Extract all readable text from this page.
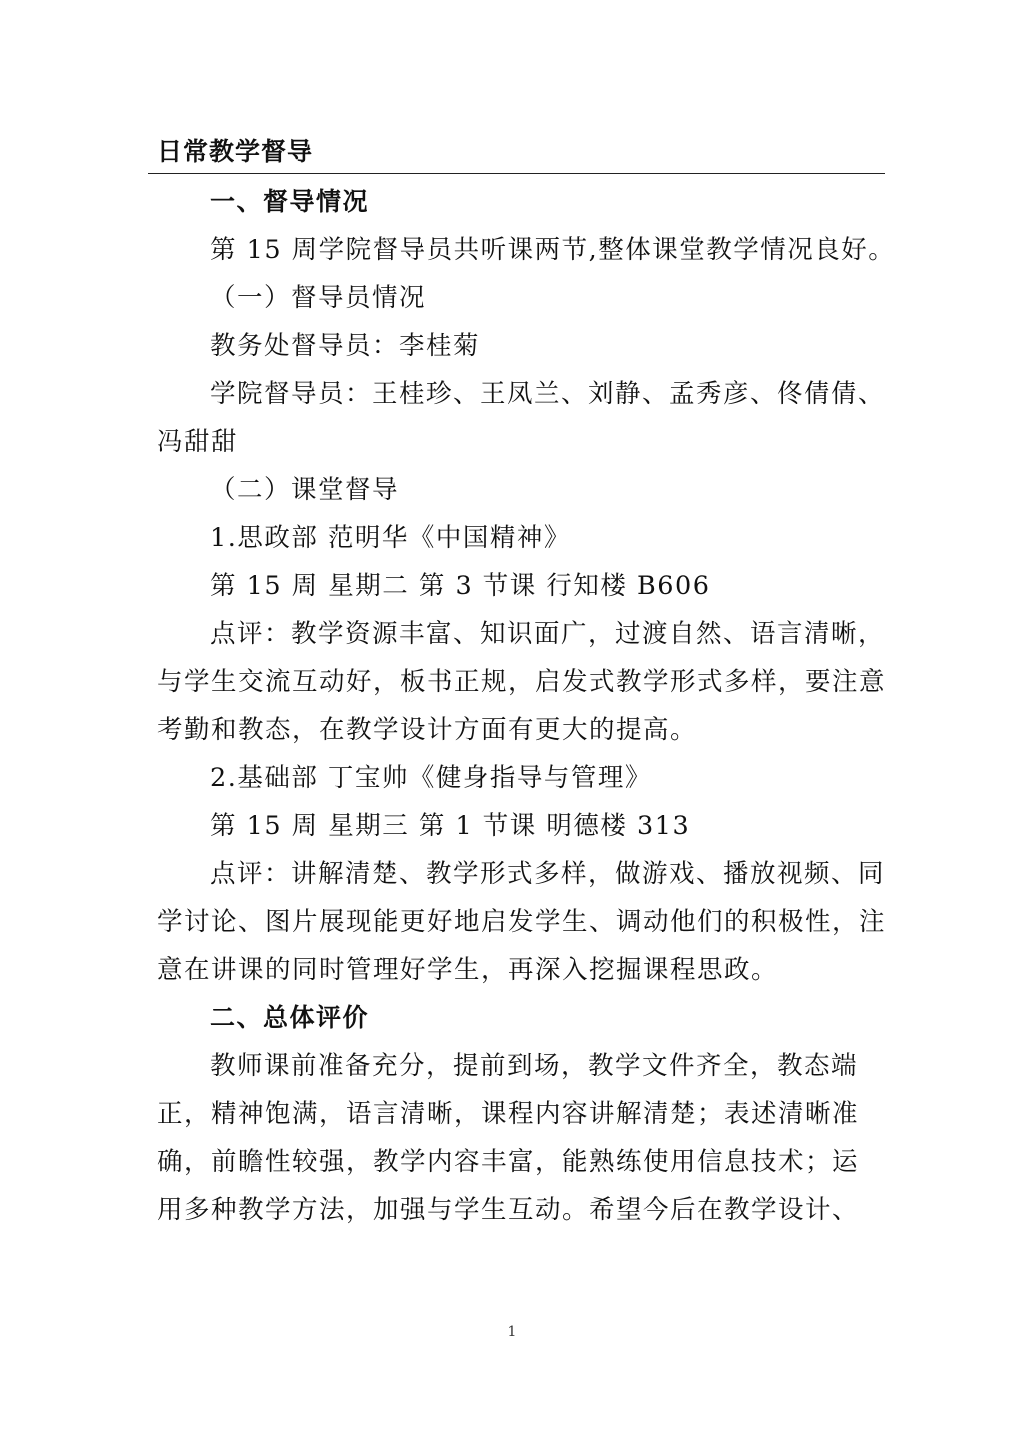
日常教学督导
一、督导情况
第 15 周学院督导员共听课两节,整体课堂教学情况良好。
（一）督导员情况
教务处督导员：李桂菊
学院督导员：王桂珍、王凤兰、刘静、孟秀彦、佟倩倩、
冯甜甜
（二）课堂督导
1.思政部 范明华《中国精神》
第 15 周 星期二 第 3 节课 行知楼 B606
点评：教学资源丰富、知识面广，过渡自然、语言清晰，
与学生交流互动好，板书正规，启发式教学形式多样，要注意
考勤和教态，在教学设计方面有更大的提高。
2.基础部 丁宝帅《健身指导与管理》
第 15 周 星期三 第 1 节课 明德楼 313
点评：讲解清楚、教学形式多样，做游戏、播放视频、同
学讨论、图片展现能更好地启发学生、调动他们的积极性，注
意在讲课的同时管理好学生，再深入挖掘课程思政。
二、总体评价
教师课前准备充分，提前到场，教学文件齐全，教态端
正，精神饱满，语言清晰，课程内容讲解清楚；表述清晰准
确，前瞻性较强，教学内容丰富，能熟练使用信息技术；运
用多种教学方法，加强与学生互动。希望今后在教学设计、
1
